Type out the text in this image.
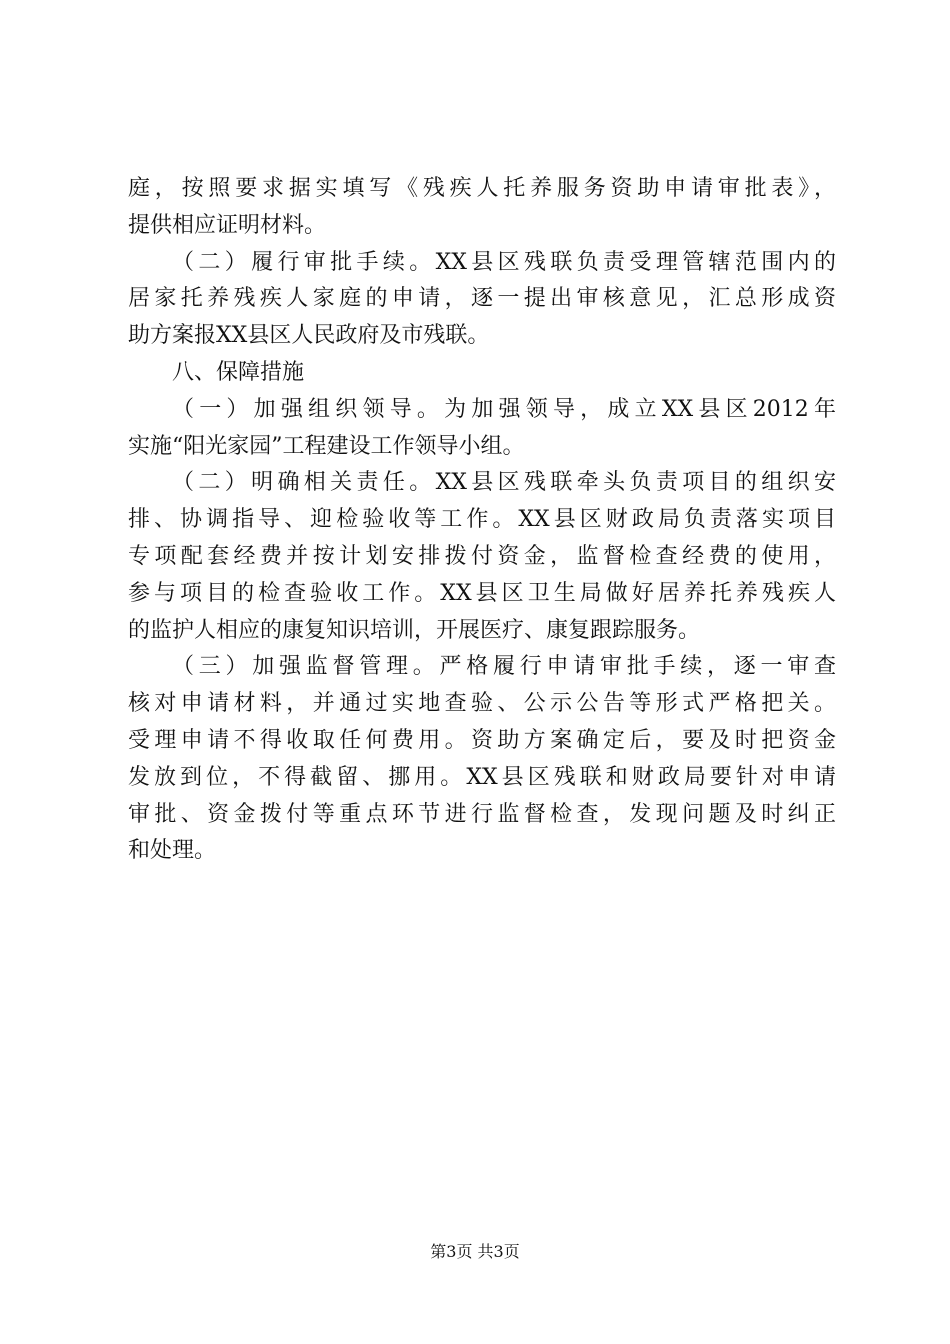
庭，按照要求据实填写《残疾人托养服务资助申请审批表》，
提供相应证明材料。
（二）履行审批手续。XX县区残联负责受理管辖范围内的
居家托养残疾人家庭的申请，逐一提出审核意见，汇总形成资
助方案报XX县区人民政府及市残联。
八、保障措施
（一）加强组织领导。为加强领导，成立XX县区2012年
实施“阳光家园”工程建设工作领导小组。
（二）明确相关责任。XX县区残联牵头负责项目的组织安
排、协调指导、迎检验收等工作。XX县区财政局负责落实项目
专项配套经费并按计划安排拨付资金，监督检查经费的使用，
参与项目的检查验收工作。XX县区卫生局做好居养托养残疾人
的监护人相应的康复知识培训，开展医疗、康复跟踪服务。
（三）加强监督管理。严格履行申请审批手续，逐一审查
核对申请材料，并通过实地查验、公示公告等形式严格把关。
受理申请不得收取任何费用。资助方案确定后，要及时把资金
发放到位，不得截留、挪用。XX县区残联和财政局要针对申请
审批、资金拨付等重点环节进行监督检查，发现问题及时纠正
和处理。
第3页 共3页
